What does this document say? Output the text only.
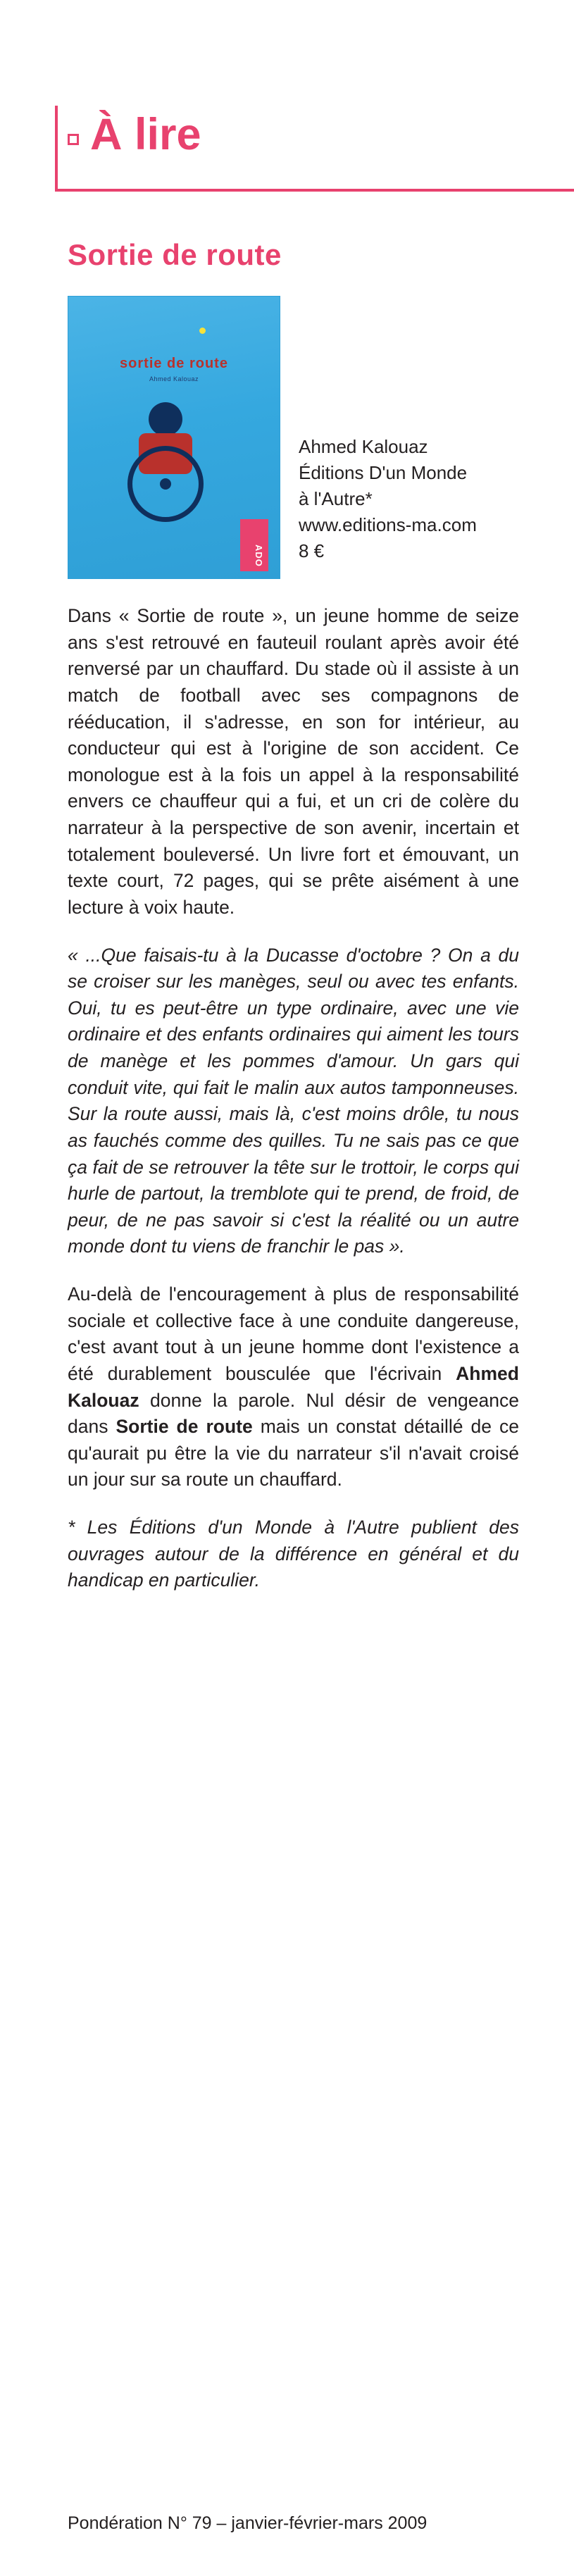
À lire
Sortie de route
sortie de route
Ahmed Kalouaz
ADO
Ahmed Kalouaz
Éditions D'un Monde
à l'Autre*
www.editions-ma.com
8 €

Dans « Sortie de route », un jeune homme de seize ans s'est retrouvé en fauteuil roulant après avoir été renversé par un chauffard. Du stade où il assiste à un match de football avec ses compagnons de rééducation, il s'adresse, en son for intérieur, au conducteur qui est à l'origine de son accident. Ce monologue est à la fois un appel à la responsabilité envers ce chauffeur qui a fui, et un cri de colère du narrateur à la perspective de son avenir, incertain et totalement bouleversé. Un livre fort et émouvant, un texte court, 72 pages, qui se prête aisément à une lecture à voix haute.

« ...Que faisais-tu à la Ducasse d'octobre ? On a du se croiser sur les manèges, seul ou avec tes enfants. Oui, tu es peut-être un type ordinaire, avec une vie ordinaire et des enfants ordinaires qui aiment les tours de manège et les pommes d'amour. Un gars qui conduit vite, qui fait le malin aux autos tamponneuses. Sur la route aussi, mais là, c'est moins drôle, tu nous as fauchés comme des quilles. Tu ne sais pas ce que ça fait de se retrouver la tête sur le trottoir, le corps qui hurle de partout, la tremblote qui te prend, de froid, de peur, de ne pas savoir si c'est la réalité ou un autre monde dont tu viens de franchir le pas ».

Au-delà de l'encouragement à plus de responsabilité sociale et collective face à une conduite dangereuse, c'est avant tout à un jeune homme dont l'existence a été durablement bousculée que l'écrivain Ahmed Kalouaz donne la parole. Nul désir de vengeance dans Sortie de route mais un constat détaillé de ce qu'aurait pu être la vie du narrateur s'il n'avait croisé un jour sur sa route un chauffard.

* Les Éditions d'un Monde à l'Autre publient des ouvrages autour de la différence en général et du handicap en particulier.

Pondération N° 79 – janvier-février-mars 2009
